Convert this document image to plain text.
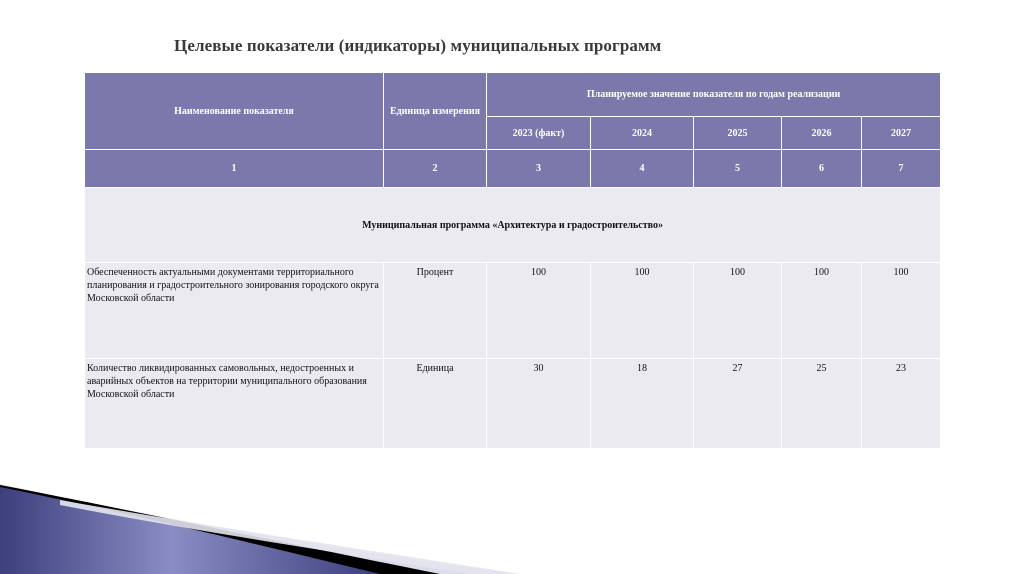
Целевые показатели (индикаторы) муниципальных программ
Наименование показателя	Единица измерения	Планируемое значение показателя по годам реализации				
		2023 (факт)	2024	2025	2026	2027
1	2	3	4	5	6	7
Муниципальная программа «Архитектура и градостроительство»						
Обеспеченность актуальными документами территориального планирования и градостроительного зонирования городского округа Московской области	Процент	100	100	100	100	100
Количество ликвидированных самовольных, недостроенных и аварийных объектов на территории муниципального образования Московской области	Единица	30	18	27	25	23
